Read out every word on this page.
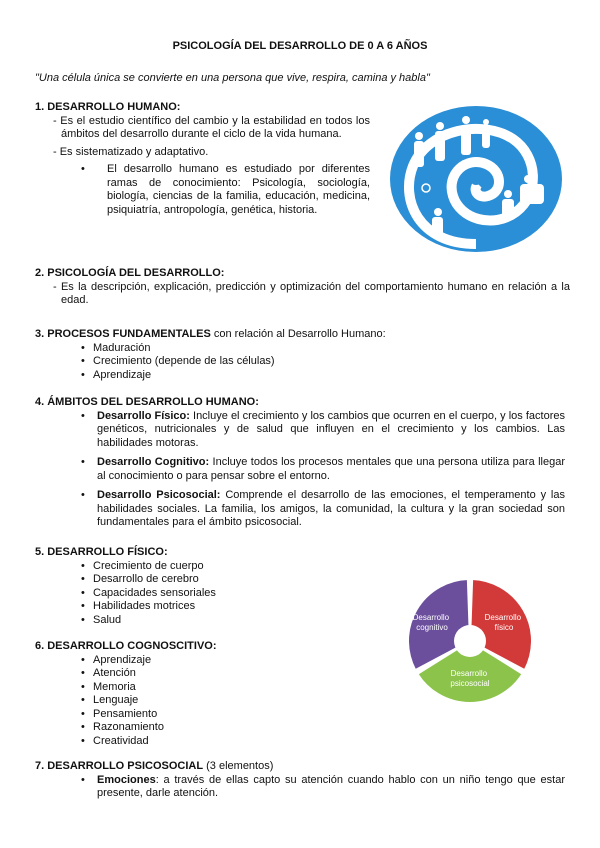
PSICOLOGÍA DEL DESARROLLO DE 0 A 6 AÑOS
"Una célula única se convierte en una persona que vive, respira, camina y habla"
1. DESARROLLO HUMANO:

- Es el estudio científico del cambio y la estabilidad en todos los ámbitos del desarrollo durante el ciclo de la vida humana.

- Es sistematizado y adaptativo.

• El desarrollo humano es estudiado por diferentes ramas de conocimiento: Psicología, sociología, biología, ciencias de la familia, educación, medicina, psiquiatría, antropología, genética, historia.
2. PSICOLOGÍA DEL DESARROLLO:

- Es la descripción, explicación, predicción y optimización del comportamiento humano en relación a la edad.

3. PROCESOS FUNDAMENTALES con relación al Desarrollo Humano:
• Maduración
• Crecimiento (depende de las células)
• Aprendizaje
4. ÁMBITOS DEL DESARROLLO HUMANO:
• Desarrollo Físico: Incluye el crecimiento y los cambios que ocurren en el cuerpo, y los factores genéticos, nutricionales y de salud que influyen en el crecimiento y los cambios. Las habilidades motoras.
• Desarrollo Cognitivo: Incluye todos los procesos mentales que una persona utiliza para llegar al conocimiento o para pensar sobre el entorno.
• Desarrollo Psicosocial: Comprende el desarrollo de las emociones, el temperamento y las habilidades sociales. La familia, los amigos, la comunidad, la cultura y la gran sociedad son fundamentales para el ámbito psicosocial.
5. DESARROLLO FÍSICO:
• Crecimiento de cuerpo
• Desarrollo de cerebro
• Capacidades sensoriales
• Habilidades motrices
• Salud	Desarrollo cognitivo
Desarrollo físico
Desarrollo psicosocial
6. DESARROLLO COGNOSCITIVO:
• Aprendizaje
• Atención
• Memoria
• Lenguaje
• Pensamiento
• Razonamiento
• Creatividad
7. DESARROLLO PSICOSOCIAL (3 elementos)
• Emociones: a través de ellas capto su atención cuando hablo con un niño tengo que estar presente, darle atención.
